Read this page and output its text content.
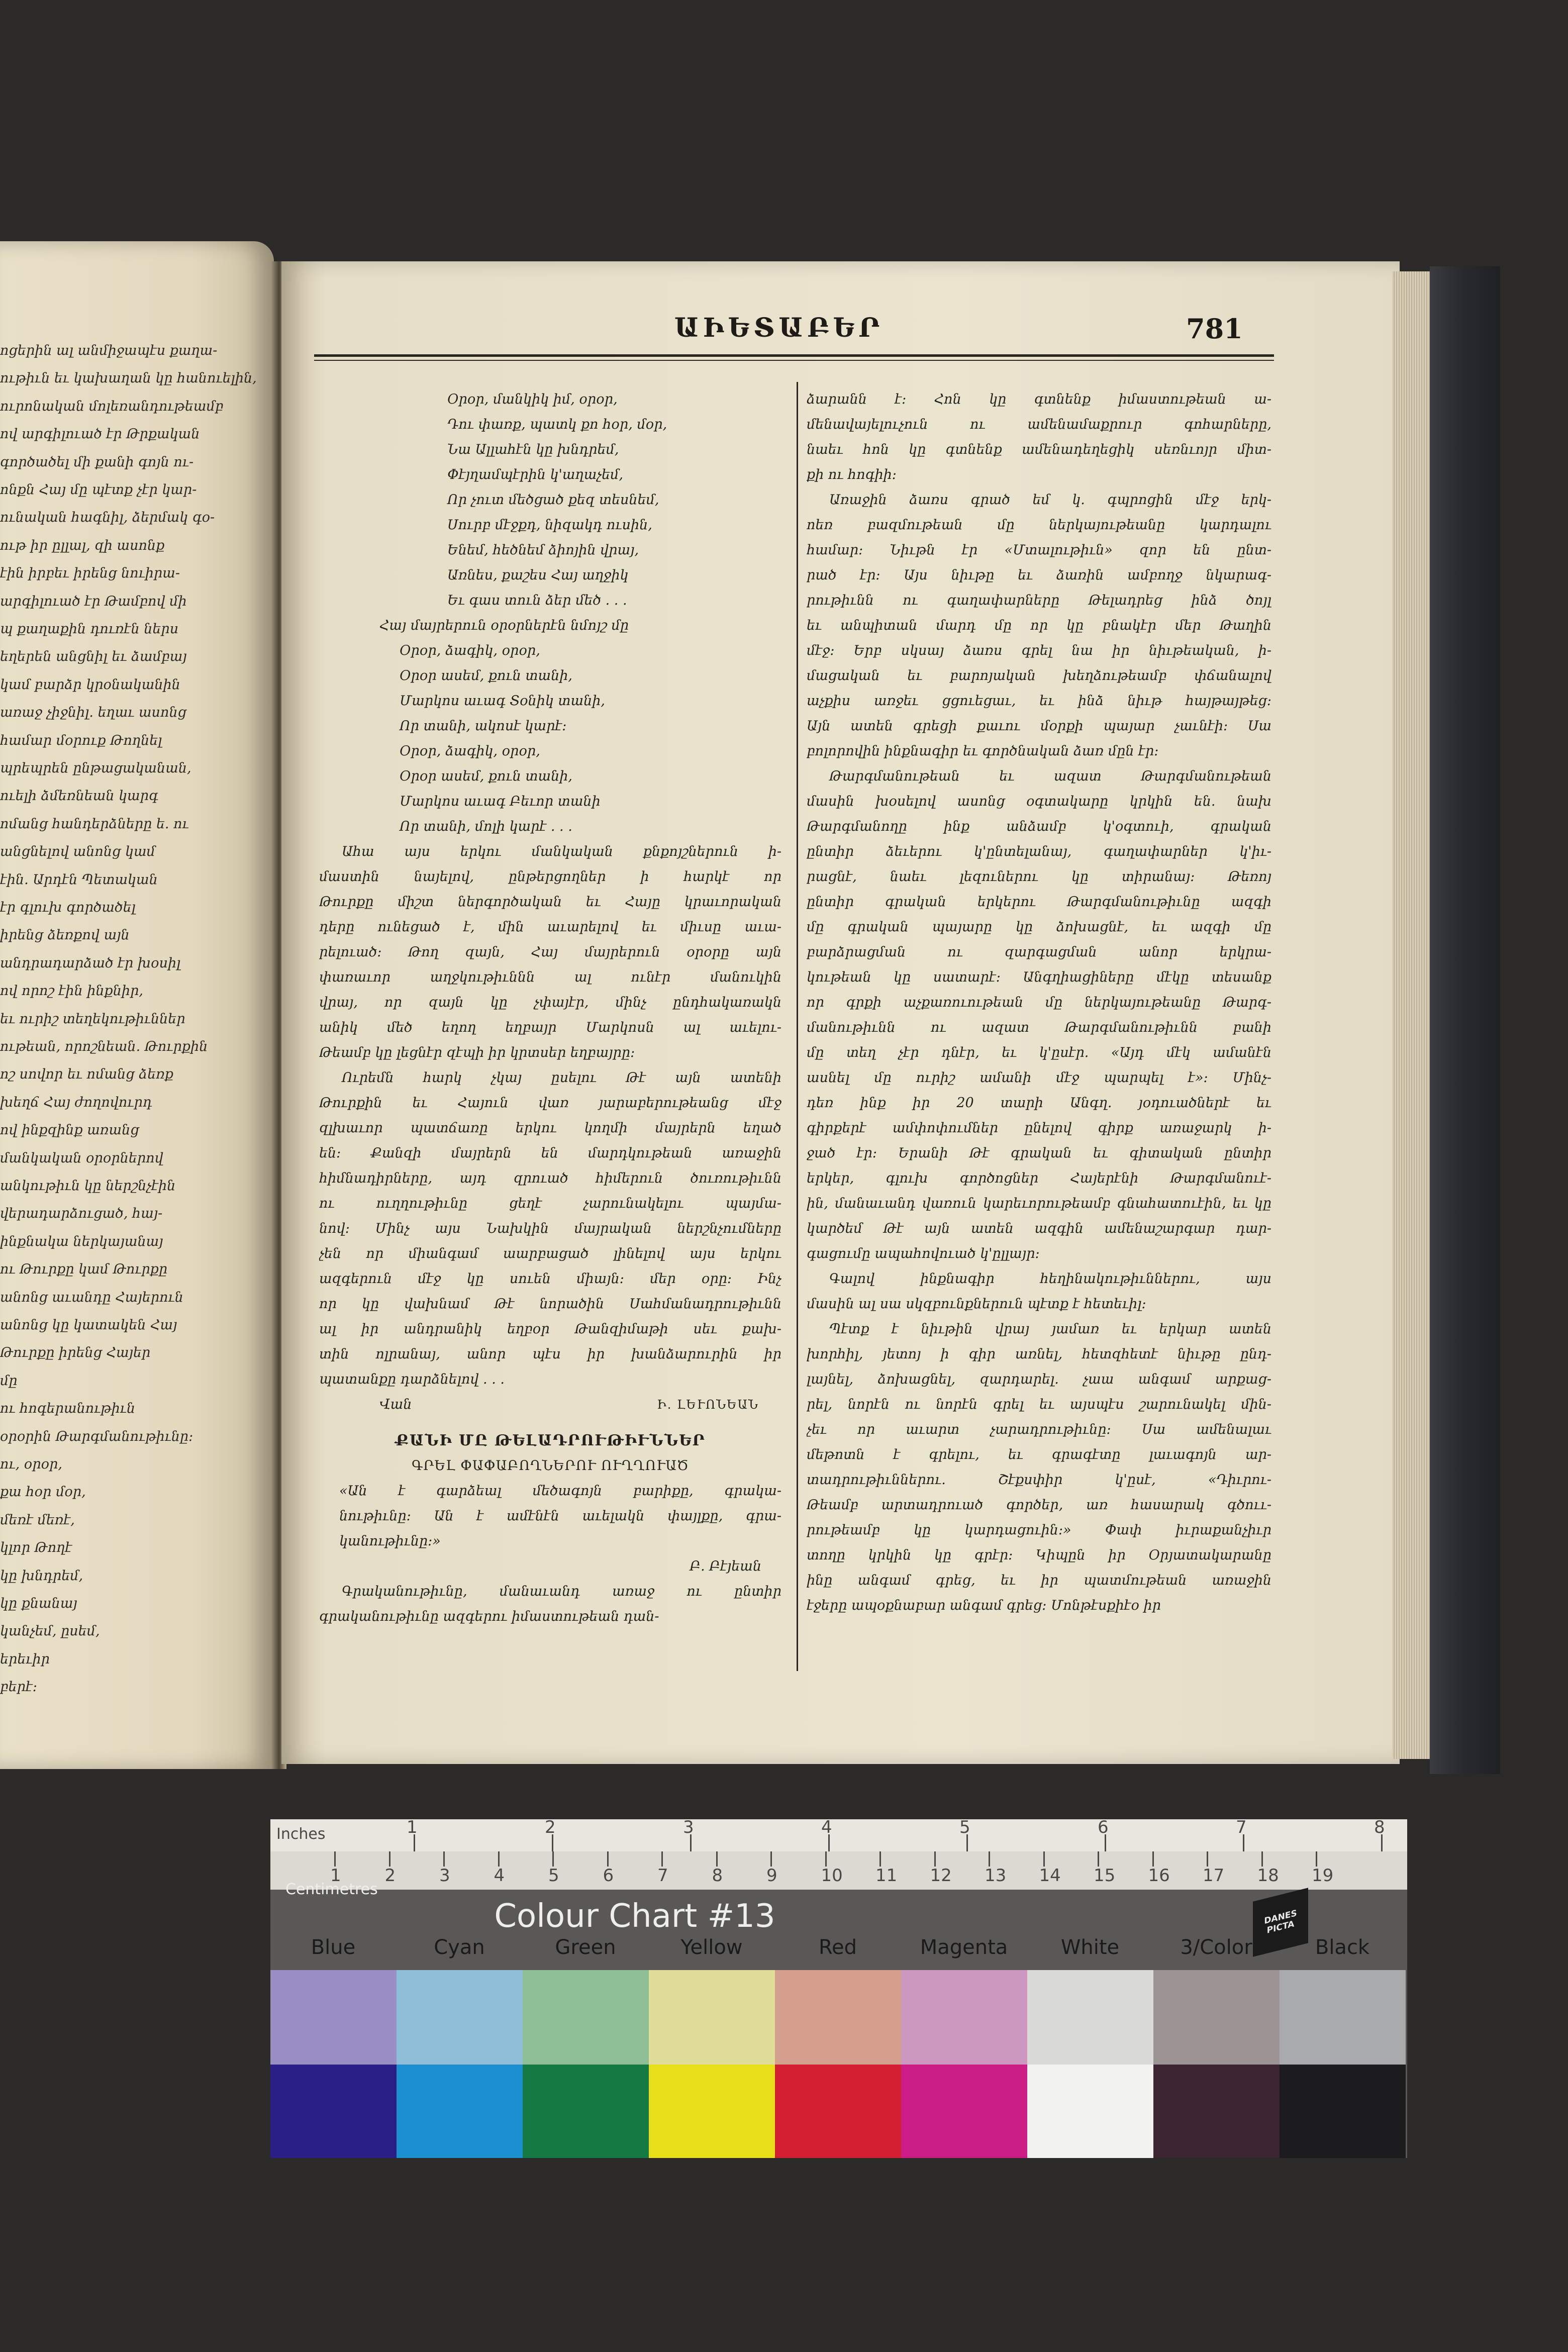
ոցերին ալ անմիջապէս քաղա-
ութիւն եւ կախաղան կը հանուելին,
ուրոնական մոլեռանդութեամբ
ով արգիլուած էր Թրքական
գործածել մի քանի գոյն ու-
ոնքն Հայ մը պէտք չէր կար-
ունական հագնիլ, ձերմակ գօ-
ութ իր ըլլալ, զի ասոնք
էին իրբեւ իրենց նուիրա-
արգիլուած էր Թամբով մի
պ քաղաքին դուռէն ներս
եղերեն անցնիլ եւ ձամբայ
կամ բարձր կրօնականին
առաջ չիջնիլ. եղաւ ասոնց
համար մօրուք Թողնել
պրեպրեն ընթացականան,
ուելի ձմեռնեան կարգ
ոմանց հանդերձները ե. ու
անցնելով անոնց կամ
էին. Արդէն Պետական
էր գլուխ գործածել
իրենց ձեռքով այն
անդրադարձած էր խօսիլ
ով որոշ էին ինքնիր,
եւ ուրիշ տեղեկութիւններ
ութեան, որոշնեան. Թուրքին
ոշ սովոր եւ ոմանց ձեռք
խեղճ Հայ ժողովուրդ
ով ինքզինք առանց
մանկական օրօրներով
անկութիւն կը ներշնչէին
վերադարձուցած, հայ-
ինքնակա ներկայանայ
ու Թուրքը կամ Թուրքը
անոնց աւանդը Հայերուն
անոնց կը կատակեն Հայ
Թուրքը իրենց Հայեր
մը
ու հոգերանութիւն
օրօրին Թարգմանութիւնը:
ու, օրօր,
քա հօր մօր,
մեռէ մեռէ,
կլոր Թողէ
կը խնդրեմ,
կը քնանայ
կանչեմ, ըսեմ,
երեւիր
բերէ:
ԱԻԵՏԱԲԵՐ	781
Օրօր, մանկիկ իմ, օրօր,
Դու փառք, պատկ քո հօր, մօր,
Նա Ալլահէն կը խնդրեմ,
Փէյղամպէրին կ'աղաչեմ,
Որ չուտ մեծցած քեզ տեսնեմ,
Սուրբ մէջքդ, նիզակդ ուսին,
Ենեմ, հեծնեմ ձիոյին վրայ,
Առնես, քաշես Հայ աղջիկ
Եւ գաս տուն ձեր մեծ . . .
Հայ մայրերուն օրօրներէն նմոյշ մը
Օրօր, ձագիկ, օրօր,
Օրօր ասեմ, քուն տանի,
Մարկոս աւագ Տօնիկ տանի,
Որ տանի, ակոսէ կարէ:
Օրօր, ձագիկ, օրօր,
Օրօր ասեմ, քուն տանի,
Մարկոս աւագ Բեւոր տանի
Որ տանի, մոլի կարէ . . .
Ահա այս երկու մանկական քնքոյշներուն ի-
մաստին նայելով, ընթերցողներ ի հարկէ որ
Թուրքը միշտ ներգործական եւ Հայը կրաւորական
դերը ունեցած է, մին աւարելով եւ միւսը աւա-
րելուած: Թող զայն, Հայ մայրերուն օրօրը այն
փառաւոր աղջկութիւննն ալ ունէր մանուկին
վրայ, որ զայն կը չփայէր, մինչ ընդհակառակն
անիկ մեծ եղող եղբայր Մարկոսն ալ աւելու-
Թեամբ կը լեցնէր զէպի իր կրտսեր եղբայրը:
Ուրեմն հարկ չկայ ըսելու Թէ այն ատենի
Թուրքին եւ Հայուն վառ յարաբերութեանց մէջ
զլխաւոր պատճառը երկու կողմի մայրերն եղած
են: Քանզի մայրերն են մարդկութեան առաջին
հիմնադիրները, այդ զրուած հիմերուն ծուռութիւնն
ու ուղղութիւնը ցեղէ չարունակելու պայմա-
նով: Մինչ այս Նախկին մայրական ներշնչումները
չեն որ միանգամ աարբացած լինելով այս երկու
ազգերուն մէջ կը սուեն միայն: մեր օրը: Ինչ
որ կը վախնամ Թէ նորածին Սահմանադրութիւնն
ալ իր անդրանիկ եղբօր Թանզիմաթի սեւ քախ-
տին ոլրանայ, անոր պէս իր խանձարուրին իր
պատանքը դարձնելով . . .
Վան	Ի. ԼԵՒՈՆԵԱՆ
ՔԱՆԻ ՄԸ ԹԵԼԱԴՐՈՒԹԻՒՆՆԵՐ
ԳՐԵԼ ՓԱՓԱԲՈՂՆԵՐՈՒ ՈՒՂՂՈՒԱԾ
«Ան է գարձեալ մեծագոյն բարիքը, գրակա-
նութիւնը: Ան է ամէնէն աւելակն փայլքը, գրա-
կանութիւնը:»
Բ. Բէյեան
Գրականութիւնը, մանաւանդ առաջ ու ընտիր
գրականութիւնը ազգերու իմաստութեան դան-
ձարանն է: Հոն կը գտնենք իմաստութեան ա-
մենավայելուչուն ու ամենամաքրուր գոհարները,
նաեւ հոն կը գտնենք ամենադեղեցիկ սեռնւոյր միտ-
քի ու հոգիի:
Առաջին ձառս գրած եմ կ. գպրոցին մէջ երկ-
ոեռ բազմութեան մը ներկայութեանը կարդալու
համար: Նիւթն էր «Մտալութիւն» զոր են ընտ-
րած էր: Այս նիւթը եւ ձառին ամբողջ նկարագ-
րութիւնն ու գաղափարները Թելադրեց ինձ ծոյլ
եւ անպիտան մարդ մը որ կը բնակէր մեր Թաղին
մէջ: Երբ սկսայ ձառս գրել նա իր նիւթեական, ի-
մացական եւ բարոյական խեղձութեամբ փճանալով
աչքիս առջեւ ցցուեցաւ, եւ ինձ նիւթ հայթայթեց:
Այն ատեն գրեցի քաւու մօրքի պայար չաւնէի: Սա
բոլորովին ինքնագիր եւ գործնական ձառ մըն էր:
Թարգմանութեան եւ ազատ Թարգմանութեան
մասին խօսելով ասոնց օգտակարը կրկին են. նախ
Թարգմանողը ինք անձամբ կ'օգտուի, գրական
ընտիր ձեւերու կ'ընտելանայ, գաղափարներ կ'իւ-
րացնէ, նաեւ լեզուներու կը տիրանայ: Թեռոյ
ընտիր գրական երկերու Թարգմանութիւնը ազգի
մը գրական պայարը կը ձոխացնէ, եւ ազգի մը
բարձրացման ու զարգացման անոր երկրա-
կութեան կը սատարէ: Անգղիացիները մէկը տեսանք
որ գրքի աչքառուութեան մը ներկայութեանը Թարգ-
մանութիւնն ու ազատ Թարգմանութիւնն բանի
մը տեղ չէր դնէր, եւ կ'ըսէր. «Այդ մէկ ամանէն
ասնել մը ուրիշ ամանի մէջ պարպել է»: Մինչ-
դեռ ինք իր 20 տարի Անգղ. յօդուածներէ եւ
գիրքերէ ամփոփումներ ընելով գիրք առաջարկ ի-
ջած էր: Երանի Թէ գրական եւ գիտական ընտիր
երկեր, գլուխ գործոցներ Հայերէնի Թարգմանուէ-
ին, մանաւանդ վառուն կարեւորութեամբ գնահատուէին, եւ կը
կարծեմ Թէ այն ատեն ազգին ամենաշարգար դար-
գացումը ապահովուած կ'ըլլայր:
Գալով ինքնագիր հեղինակութիւններու, այս
մասին ալ սա սկզբունքներուն պէտք է հետեւիլ:
Պէտք է նիւթին վրայ յամառ եւ երկար ատեն
խորհիլ, յետոյ ի գիր առնել, հետզհետէ նիւթը ընդ-
լայնել, ձոխացնել, զարդարել. չաա անգամ արքաց-
րել, նորէն ու նորէն գրել եւ այսպէս շարունակել մին-
չեւ որ աւարտ չարադրութիւնը: Սա ամենալաւ
մեթոտն է գրելու, եւ գրագէտը լաւագոյն ար-
տադրութիւններու. Շէքսփիր կ'ըսէ, «Դիւրու-
Թեամբ արտադրուած գործեր, առ հասարակ գծոււ-
րութեամբ կը կարդացուին:» Փափ իւրաքանչիւր
տողը կրկին կը գրէր: Կիպըն իր Օրյատակարանը
ինը անգամ գրեց, եւ իր պատմութեան առաջին
էջերը ապօքնաբար անգամ գրեց: Մոնթէսքիէօ իր
Inches	1	2	3	4	5	6	7	8
1	2	3	4	5	6	7	8	9	10 11 12 13 14 15 16 17 18 19
Centimetres
Colour Chart #13	DANES PICTA
Blue	Cyan	Green	Yellow	Red	Magenta	White	3/Color	Black
